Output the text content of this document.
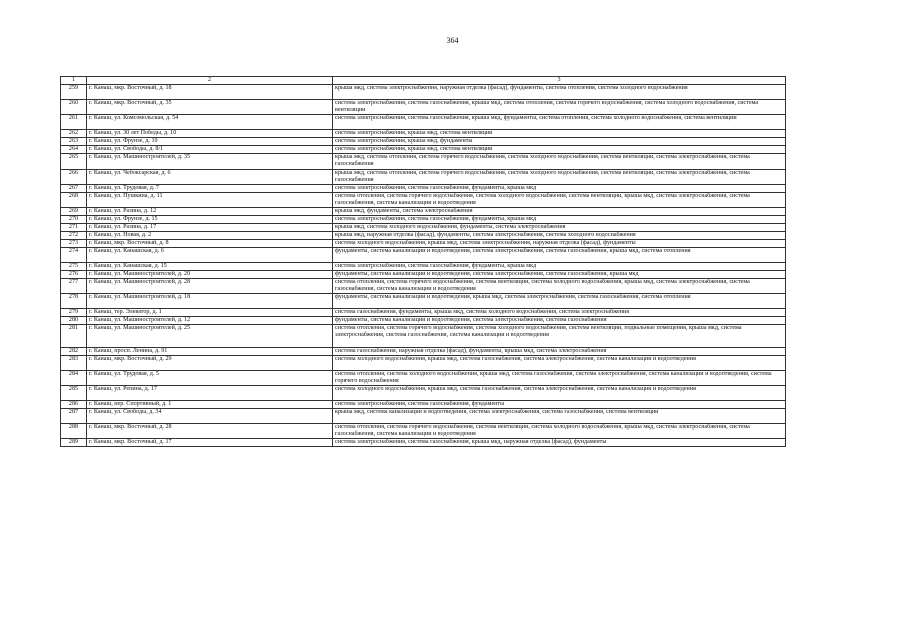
364
1	2	3
259	г. Канаш, мкр. Восточный, д. 18	крыша мкд, система электроснабжения, наружная отделка (фасад), фундаменты, система отопления, система холодного водоснабжения
260	г. Канаш, мкр. Восточный, д. 35	система электроснабжения, система газоснабжения, крыша мкд, система отопления, система горячего водоснабжения, система холодного водоснабжения, система вентиляции
261	г. Канаш, ул. Комсомольская, д. 54	система электроснабжения, система газоснабжения, крыша мкд, фундаменты, система отопления, система холодного водоснабжения, система вентиляции
262	г. Канаш, ул. 30 лет Победы, д. 10	система электроснабжения, крыша мкд, система вентиляции
263	г. Канаш, ул. Фрунзе, д. 19	система электроснабжения, крыша мкд, фундаменты
264	г. Канаш, ул. Свободы, д. 8/1	система электроснабжения, крыша мкд, система вентиляции
265	г. Канаш, ул. Машиностроителей, д. 35	крыша мкд, система отопления, система горячего водоснабжения, система холодного водоснабжения, система вентиляции, система электроснабжения, система газоснабжения
266	г. Канаш, ул. Чебоксарская, д. 6	крыша мкд, система отопления, система горячего водоснабжения, система холодного водоснабжения, система вентиляции, система электроснабжения, система газоснабжения
267	г. Канаш, ул. Трудовая, д. 7	система электроснабжения, система газоснабжения, фундаменты, крыша мкд
268	г. Канаш, ул. Пушкина, д. 11	система отопления, система горячего водоснабжения, система холодного водоснабжения, система вентиляции, крыша мкд, система электроснабжения, система газоснабжения, система канализации и водоотведения
269	г. Канаш, ул. Разина, д. 12	крыша мкд, фундаменты, система электроснабжения
270	г. Канаш, ул. Фрунзе, д. 15	система электроснабжения, система газоснабжения, фундаменты, крыша мкд
271	г. Канаш, ул. Разина, д. 17	крыша мкд, система холодного водоснабжения, фундаменты, система электроснабжения
272	г. Канаш, ул. Новая, д. 2	крыша мкд, наружная отделка (фасад), фундаменты, система электроснабжения, система холодного водоснабжения
273	г. Канаш, мкр. Восточный, д. 8	система холодного водоснабжения, крыша мкд, система электроснабжения, наружная отделка (фасад), фундаменты
274	г. Канаш, ул. Канашская, д. 6	фундаменты, система канализации и водоотведения, система электроснабжения, система газоснабжения, крыша мкд, система отопления
275	г. Канаш, ул. Канашская, д. 15	система электроснабжения, система газоснабжения, фундаменты, крыша мкд
276	г. Канаш, ул. Машиностроителей, д. 20	фундаменты, система канализации и водоотведения, система электроснабжения, система газоснабжения, крыша мкд
277	г. Канаш, ул. Машиностроителей, д. 28	система отопления, система горячего водоснабжения, система вентиляции, система холодного водоснабжения, крыша мкд, система электроснабжения, система газоснабжения, система канализации и водоотведения
278	г. Канаш, ул. Машиностроителей, д. 18	фундаменты, система канализации и водоотведения, крыша мкд, система электроснабжения, система газоснабжения, система отопления
279	г. Канаш, тер. Элеватор, д. 1	система газоснабжения, фундаменты, крыша мкд, система холодного водоснабжения, система электроснабжения
280	г. Канаш, ул. Машиностроителей, д. 12	фундаменты, система канализации и водоотведения, система электроснабжения, система газоснабжения
281	г. Канаш, ул. Машиностроителей, д. 25	система отопления, система горячего водоснабжения, система холодного водоснабжения, система вентиляции, подвальные помещения, крыша мкд, система электроснабжения, система газоснабжения, система канализации и водоотведения
282	г. Канаш, просп. Ленина, д. 91	система газоснабжения, наружная отделка (фасад), фундаменты, крыша мкд, система электроснабжения
283	г. Канаш, мкр. Восточный, д. 29	система холодного водоснабжения, крыша мкд, система газоснабжения, система электроснабжения, система канализации и водоотведения
284	г. Канаш, ул. Трудовая, д. 5	система отопления, система холодного водоснабжения, крыша мкд, система газоснабжения, система электроснабжения, система канализации и водоотведения, система горячего водоснабжения
285	г. Канаш, ул. Репина, д. 17	система холодного водоснабжения, крыша мкд, система газоснабжения, система электроснабжения, система канализации и водоотведения
286	г. Канаш, пер. Спортивный, д. 1	система электроснабжения, система газоснабжения, фундаменты
287	г. Канаш, ул. Свободы, д. 34	крыша мкд, система канализации и водоотведения, система электроснабжения, система газоснабжения, система вентиляции
288	г. Канаш, мкр. Восточный, д. 28	система отопления, система горячего водоснабжения, система вентиляции, система холодного водоснабжения, крыша мкд, система электроснабжения, система газоснабжения, система канализации и водоотведения
289	г. Канаш, мкр. Восточный, д. 17	система электроснабжения, система газоснабжения, крыша мкд, наружная отделка (фасад), фундаменты
